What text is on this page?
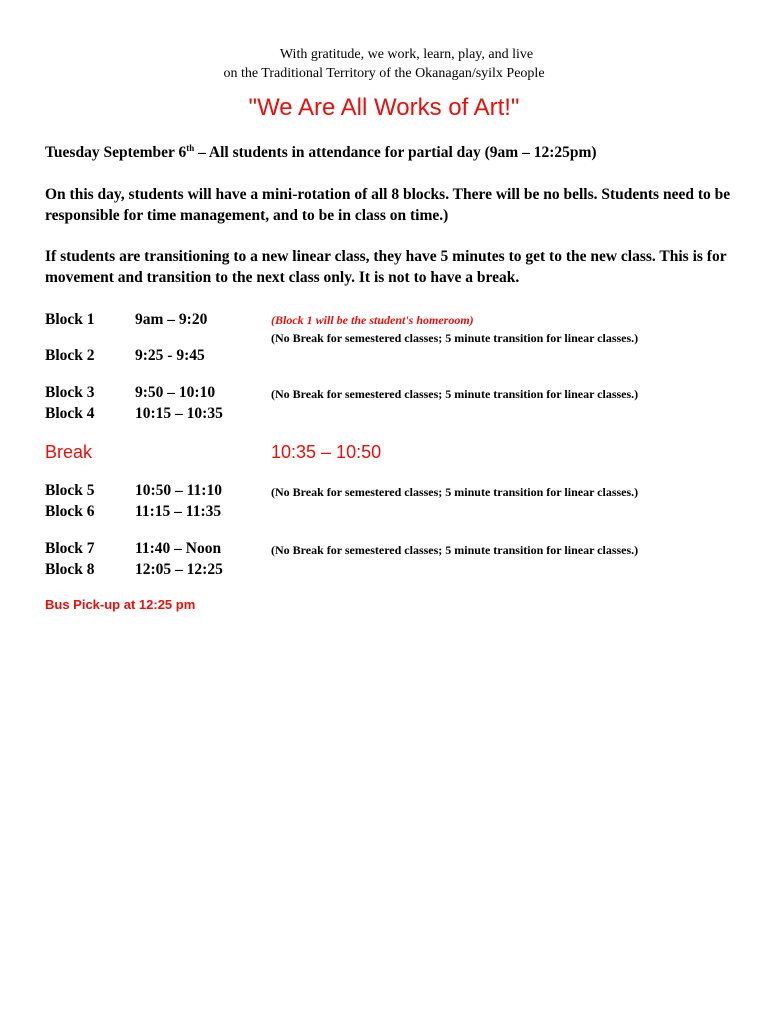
With gratitude, we work, learn, play, and live
on the Traditional Territory of the Okanagan/syilx People
"We Are All Works of Art!"
Tuesday September 6th – All students in attendance for partial day (9am – 12:25pm)
On this day, students will have a mini-rotation of all 8 blocks. There will be no bells. Students need to be responsible for time management, and to be in class on time.)
If students are transitioning to a new linear class, they have 5 minutes to get to the new class. This is for movement and transition to the next class only. It is not to have a break.
Block 1	9am – 9:20	(Block 1 will be the student's homeroom)
(No Break for semestered classes; 5 minute transition for linear classes.)
Block 2	9:25 - 9:45
Block 3	9:50 – 10:10	(No Break for semestered classes; 5 minute transition for linear classes.)
Block 4	10:15 – 10:35
Break	10:35 – 10:50
Block 5	10:50 – 11:10	(No Break for semestered classes; 5 minute transition for linear classes.)
Block 6	11:15 – 11:35
Block 7	11:40 – Noon	(No Break for semestered classes; 5 minute transition for linear classes.)
Block 8	12:05 – 12:25
Bus Pick-up at 12:25 pm
